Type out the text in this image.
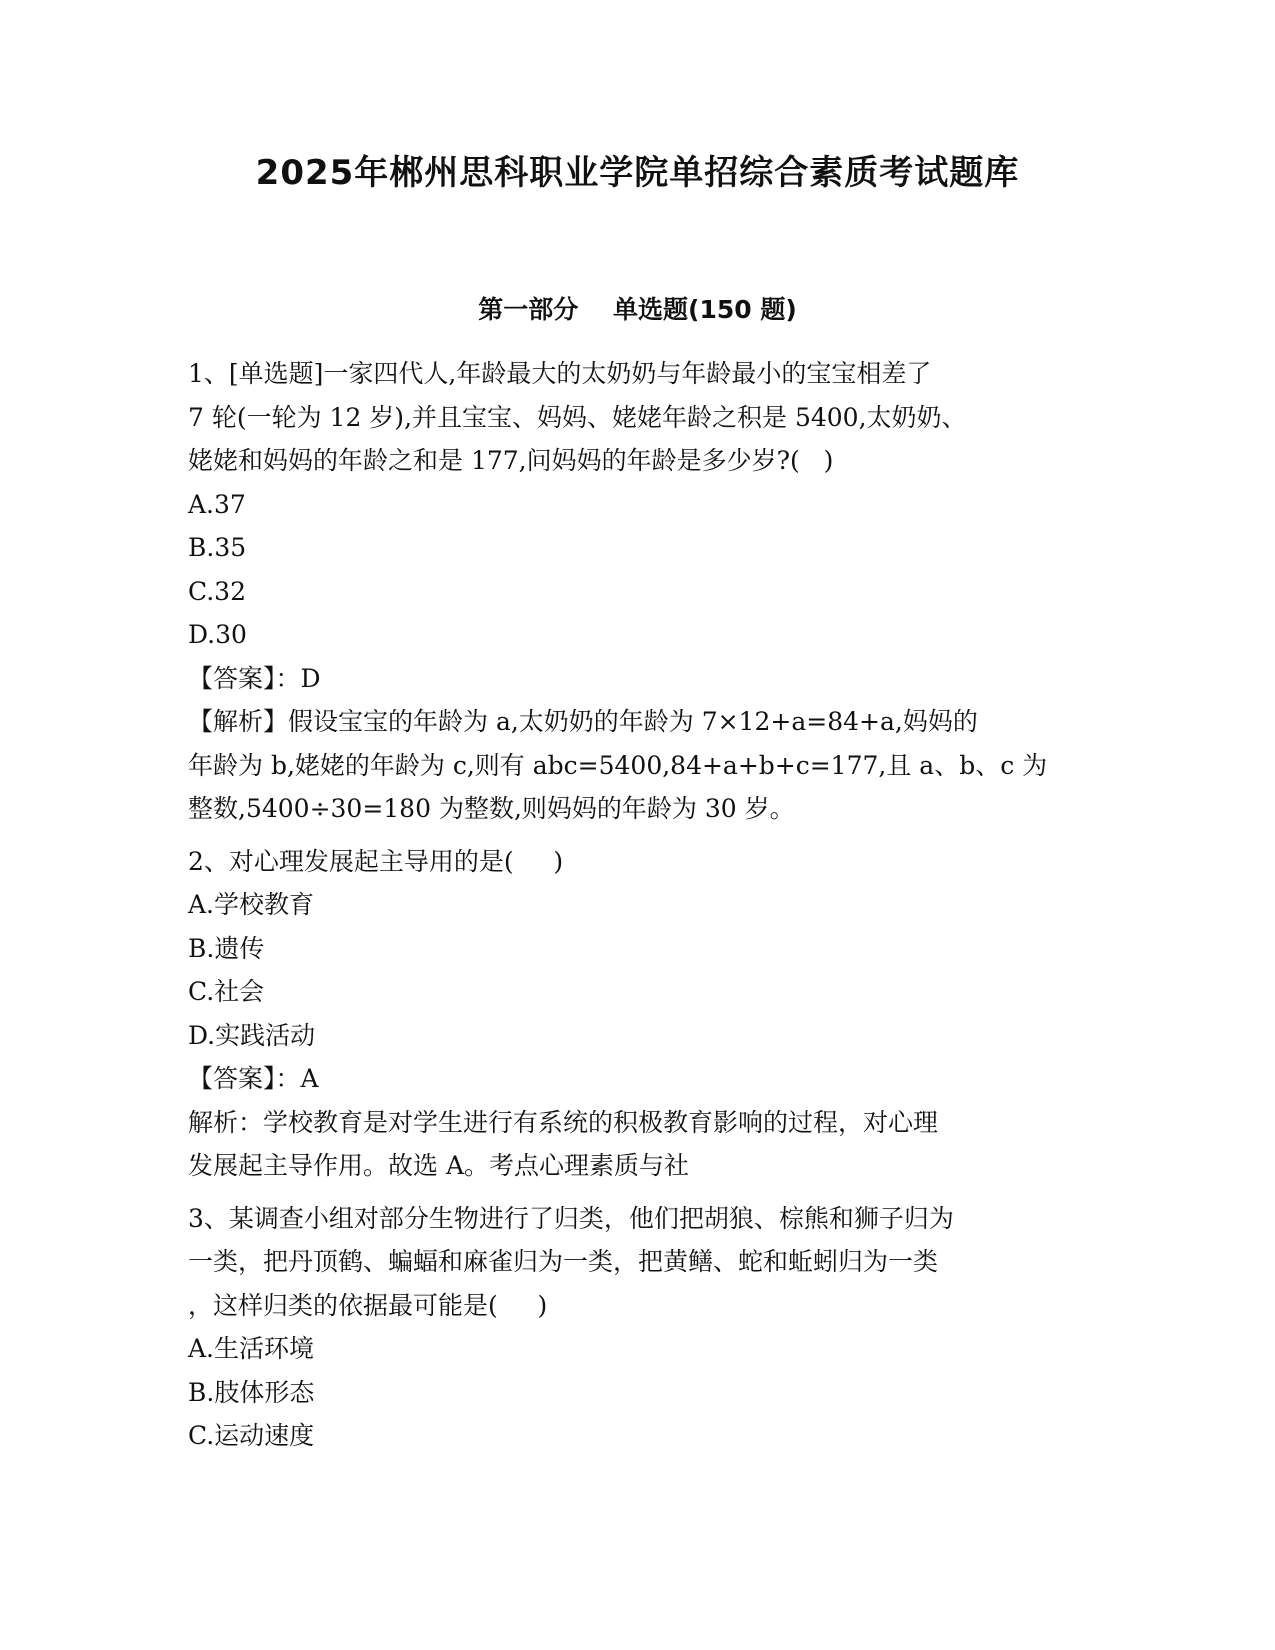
2025年郴州思科职业学院单招综合素质考试题库
第一部分    单选题(150 题)
1、[单选题]一家四代人,年龄最大的太奶奶与年龄最小的宝宝相差了
7 轮(一轮为 12 岁),并且宝宝、妈妈、姥姥年龄之积是 5400,太奶奶、
姥姥和妈妈的年龄之和是 177,问妈妈的年龄是多少岁?(   )
A.37
B.35
C.32
D.30
【答案】：D
【解析】假设宝宝的年龄为 a,太奶奶的年龄为 7×12+a=84+a,妈妈的
年龄为 b,姥姥的年龄为 c,则有 abc=5400,84+a+b+c=177,且 a、b、c 为
整数,5400÷30=180 为整数,则妈妈的年龄为 30 岁。
2、对心理发展起主导用的是(     )
A.学校教育
B.遗传
C.社会
D.实践活动
【答案】：A
解析：学校教育是对学生进行有系统的积极教育影响的过程，对心理
发展起主导作用。故选 A。考点心理素质与社
3、某调查小组对部分生物进行了归类，他们把胡狼、棕熊和狮子归为
一类，把丹顶鹤、蝙蝠和麻雀归为一类，把黄鳝、蛇和蚯蚓归为一类
，这样归类的依据最可能是(     )
A.生活环境
B.肢体形态
C.运动速度
